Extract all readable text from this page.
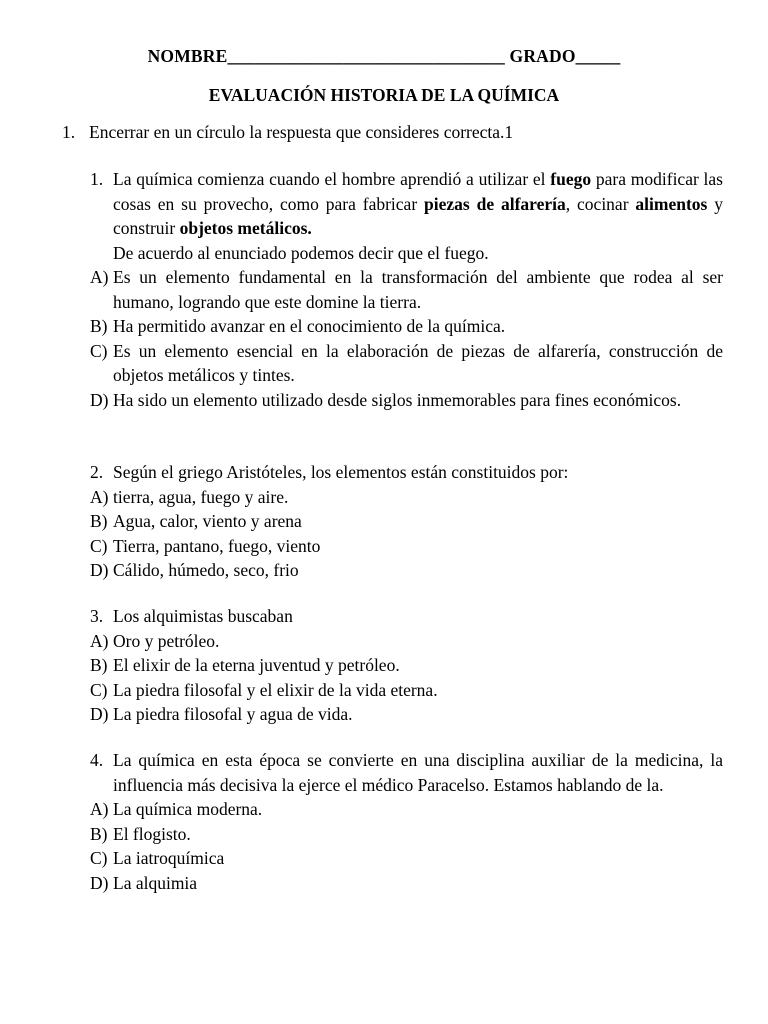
NOMBRE_______________________________ GRADO_____
EVALUACIÓN HISTORIA DE LA QUÍMICA
1. Encerrar en un círculo la respuesta que consideres correcta.1
1. La química comienza cuando el hombre aprendió a utilizar el fuego para modificar las cosas en su provecho, como para fabricar piezas de alfarería, cocinar alimentos y construir objetos metálicos.
De acuerdo al enunciado podemos decir que el fuego.
A) Es un elemento fundamental en la transformación del ambiente que rodea al ser humano, logrando que este domine la tierra.
B) Ha permitido avanzar en el conocimiento de la química.
C) Es un elemento esencial en la elaboración de piezas de alfarería, construcción de objetos metálicos y tintes.
D) Ha sido un elemento utilizado desde siglos inmemorables para fines económicos.
2. Según el griego Aristóteles, los elementos están constituidos por:
A) tierra, agua, fuego y aire.
B) Agua, calor, viento y arena
C) Tierra, pantano, fuego, viento
D) Cálido, húmedo, seco, frio
3. Los alquimistas buscaban
A) Oro y petróleo.
B) El elixir de la eterna juventud y petróleo.
C) La piedra filosofal y el elixir de la vida eterna.
D) La piedra filosofal y agua de vida.
4. La química en esta época se convierte en una disciplina auxiliar de la medicina, la influencia más decisiva la ejerce el médico Paracelso. Estamos hablando de la.
A) La química moderna.
B) El flogisto.
C) La iatroquímica
D) La alquimia
